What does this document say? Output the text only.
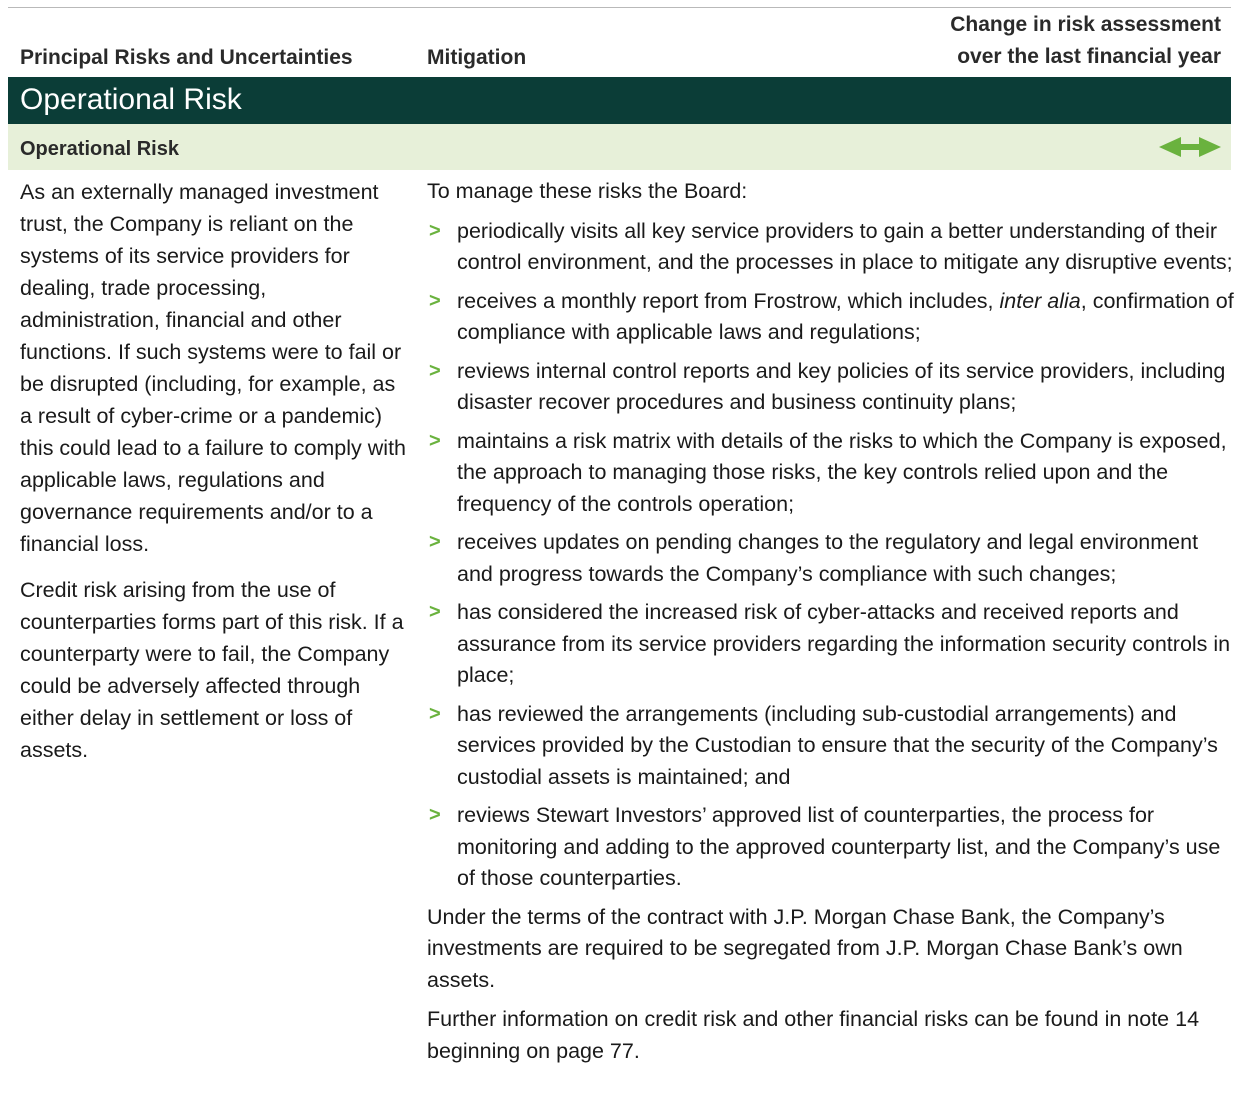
Principal Risks and Uncertainties	Mitigation
Change in risk assessment
over the last financial year
Operational Risk
Operational Risk

As an externally managed investment trust, the Company is reliant on the systems of its service providers for dealing, trade processing, administration, financial and other functions. If such systems were to fail or be disrupted (including, for example, as a result of cyber-crime or a pandemic) this could lead to a failure to comply with applicable laws, regulations and governance requirements and/or to a financial loss.

Credit risk arising from the use of counterparties forms part of this risk. If a counterparty were to fail, the Company could be adversely affected through either delay in settlement or loss of assets.

To manage these risks the Board:

> periodically visits all key service providers to gain a better understanding of their control environment, and the processes in place to mitigate any disruptive events;
> receives a monthly report from Frostrow, which includes, inter alia, confirmation of compliance with applicable laws and regulations;
> reviews internal control reports and key policies of its service providers, including disaster recover procedures and business continuity plans;
> maintains a risk matrix with details of the risks to which the Company is exposed, the approach to managing those risks, the key controls relied upon and the frequency of the controls operation;
> receives updates on pending changes to the regulatory and legal environment and progress towards the Company’s compliance with such changes;
> has considered the increased risk of cyber-attacks and received reports and assurance from its service providers regarding the information security controls in place;
> has reviewed the arrangements (including sub-custodial arrangements) and services provided by the Custodian to ensure that the security of the Company’s custodial assets is maintained; and
> reviews Stewart Investors’ approved list of counterparties, the process for monitoring and adding to the approved counterparty list, and the Company’s use of those counterparties.

Under the terms of the contract with J.P. Morgan Chase Bank, the Company’s investments are required to be segregated from J.P. Morgan Chase Bank’s own assets.

Further information on credit risk and other financial risks can be found in note 14 beginning on page 77.
